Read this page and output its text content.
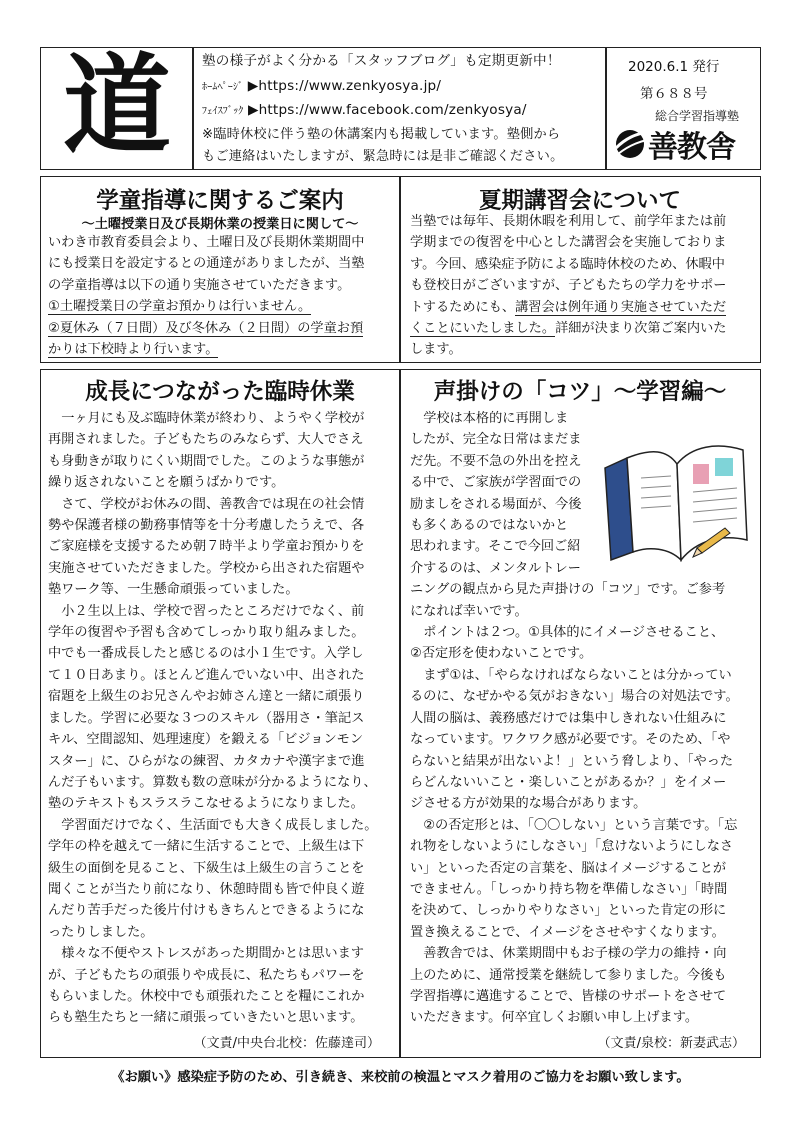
道 塾の様子がよく分かる「スタッフブログ」も定期更新中！
ﾎｰﾑﾍﾟｰｼﾞ ▶https://www.zenkyosya.jp/
ﾌｪｲｽﾌﾞｯｸ ▶https://www.facebook.com/zenkyosya/
※臨時休校に伴う塾の休講案内も掲載しています。塾側から
もご連絡はいたしますが、緊急時には是非ご確認ください。
2020.6.1 発行
第６８８号
総合学習指導塾
善教舎
学童指導に関するご案内
～土曜授業日及び長期休業の授業日に関して～

いわき市教育委員会より、土曜日及び長期休業期間中

にも授業日を設定するとの通達がありましたが、当塾

の学童指導は以下の通り実施させていただきます。

①土曜授業日の学童お預かりは行いません。

②夏休み（７日間）及び冬休み（２日間）の学童お預

かりは下校時より行います。

夏期講習会について

当塾では毎年、長期休暇を利用して、前学年または前

学期までの復習を中心とした講習会を実施しておりま

す。今回、感染症予防による臨時休校のため、休暇中

も登校日がございますが、子どもたちの学力をサポー

トするためにも、講習会は例年通り実施させていただ

くことにいたしました。詳細が決まり次第ご案内いた

します。

成長につながった臨時休業

一ヶ月にも及ぶ臨時休業が終わり、ようやく学校が

再開されました。子どもたちのみならず、大人でさえ

も身動きが取りにくい期間でした。このような事態が

繰り返されないことを願うばかりです。

さて、学校がお休みの間、善教舎では現在の社会情

勢や保護者様の勤務事情等を十分考慮したうえで、各

ご家庭様を支援するため朝７時半より学童お預かりを

実施させていただきました。学校から出された宿題や

塾ワーク等、一生懸命頑張っていました。

小２生以上は、学校で習ったところだけでなく、前

学年の復習や予習も含めてしっかり取り組みました。

中でも一番成長したと感じるのは小１生です。入学し

て１０日あまり。ほとんど進んでいない中、出された

宿題を上級生のお兄さんやお姉さん達と一緒に頑張り

ました。学習に必要な３つのスキル（器用さ・筆記ス

キル、空間認知、処理速度）を鍛える「ビジョンモン

スター」に、ひらがなの練習、カタカナや漢字まで進

んだ子もいます。算数も数の意味が分かるようになり、

塾のテキストもスラスラこなせるようになりました。

学習面だけでなく、生活面でも大きく成長しました。

学年の枠を越えて一緒に生活することで、上級生は下

級生の面倒を見ること、下級生は上級生の言うことを

聞くことが当たり前になり、休憩時間も皆で仲良く遊

んだり苦手だった後片付けもきちんとできるようにな

ったりしました。

様々な不便やストレスがあった期間かとは思います

が、子どもたちの頑張りや成長に、私たちもパワーを

もらいました。休校中でも頑張れたことを糧にこれか

らも塾生たちと一緒に頑張っていきたいと思います。

（文責/中央台北校：佐藤達司）
声掛けの「コツ」～学習編～

学校は本格的に再開しま

したが、完全な日常はまだま

だ先。不要不急の外出を控え

る中で、ご家族が学習面での

励ましをされる場面が、今後

も多くあるのではないかと

思われます。そこで今回ご紹

介するのは、メンタルトレー

ニングの観点から見た声掛けの「コツ」です。ご参考

になれば幸いです。

ポイントは２つ。①具体的にイメージさせること、

②否定形を使わないことです。

まず①は、「やらなければならないことは分かってい

るのに、なぜかやる気がおきない」場合の対処法です。

人間の脳は、義務感だけでは集中しきれない仕組みに

なっています。ワクワク感が必要です。そのため、「や

らないと結果が出ないよ！」という脅しより、「やった

らどんないいこと・楽しいことがあるか？」をイメー

ジさせる方が効果的な場合があります。

②の否定形とは、「〇〇しない」という言葉です。「忘

れ物をしないようにしなさい」「怠けないようにしなさ

い」といった否定の言葉を、脳はイメージすることが

できません。「しっかり持ち物を準備しなさい」「時間

を決めて、しっかりやりなさい」といった肯定の形に

置き換えることで、イメージをさせやすくなります。

善教舎では、休業期間中もお子様の学力の維持・向

上のために、通常授業を継続して参りました。今後も

学習指導に邁進することで、皆様のサポートをさせて

いただきます。何卒宜しくお願い申し上げます。

（文責/泉校：新妻武志）
《お願い》感染症予防のため、引き続き、来校前の検温とマスク着用のご協力をお願い致します。
